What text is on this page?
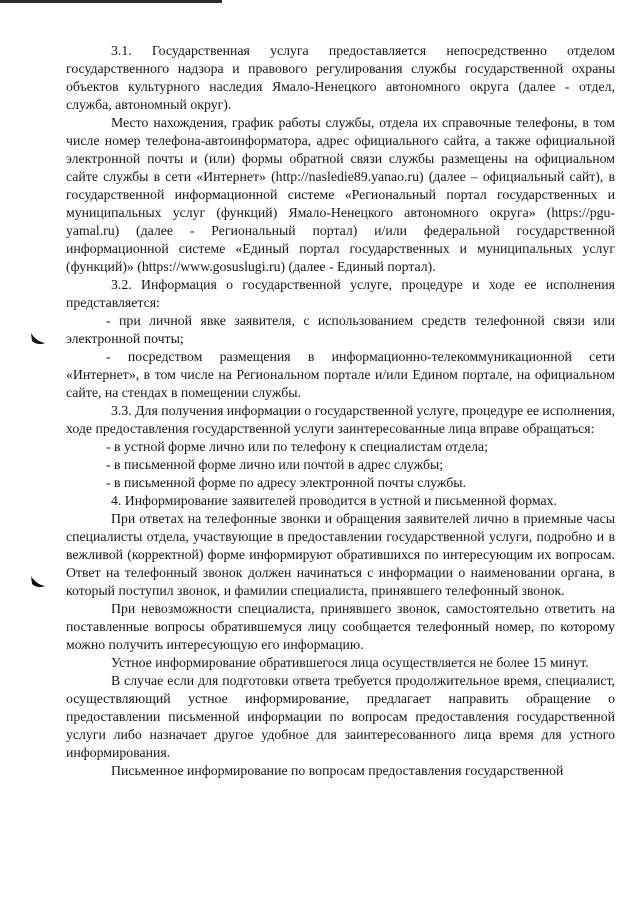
3.1. Государственная услуга предоставляется непосредственно отделом государственного надзора и правового регулирования службы государственной охраны объектов культурного наследия Ямало-Ненецкого автономного округа (далее - отдел, служба, автономный округ).

Место нахождения, график работы службы, отдела их справочные телефоны, в том числе номер телефона-автоинформатора, адрес официального сайта, а также официальной электронной почты и (или) формы обратной связи службы размещены на официальном сайте службы в сети «Интернет» (http://nasledie89.yanao.ru) (далее – официальный сайт), в государственной информационной системе «Региональный портал государственных и муниципальных услуг (функций) Ямало-Ненецкого автономного округа» (https://pgu-yamal.ru) (далее - Региональный портал) и/или федеральной государственной информационной системе «Единый портал государственных и муниципальных услуг (функций)» (https://www.gosuslugi.ru) (далее - Единый портал).

3.2. Информация о государственной услуге, процедуре и ходе ее исполнения представляется:

- при личной явке заявителя, с использованием средств телефонной связи или электронной почты;

- посредством размещения в информационно-телекоммуникационной сети «Интернет», в том числе на Региональном портале и/или Едином портале, на официальном сайте, на стендах в помещении службы.

3.3. Для получения информации о государственной услуге, процедуре ее исполнения, ходе предоставления государственной услуги заинтересованные лица вправе обращаться:

- в устной форме лично или по телефону к специалистам отдела;

- в письменной форме лично или почтой в адрес службы;

- в письменной форме по адресу электронной почты службы.

4. Информирование заявителей проводится в устной и письменной формах.

При ответах на телефонные звонки и обращения заявителей лично в приемные часы специалисты отдела, участвующие в предоставлении государственной услуги, подробно и в вежливой (корректной) форме информируют обратившихся по интересующим их вопросам. Ответ на телефонный звонок должен начинаться с информации о наименовании органа, в который поступил звонок, и фамилии специалиста, принявшего телефонный звонок.

При невозможности специалиста, принявшего звонок, самостоятельно ответить на поставленные вопросы обратившемуся лицу сообщается телефонный номер, по которому можно получить интересующую его информацию.

Устное информирование обратившегося лица осуществляется не более 15 минут.

В случае если для подготовки ответа требуется продолжительное время, специалист, осуществляющий устное информирование, предлагает направить обращение о предоставлении письменной информации по вопросам предоставления государственной услуги либо назначает другое удобное для заинтересованного лица время для устного информирования.

Письменное информирование по вопросам предоставления государственной
